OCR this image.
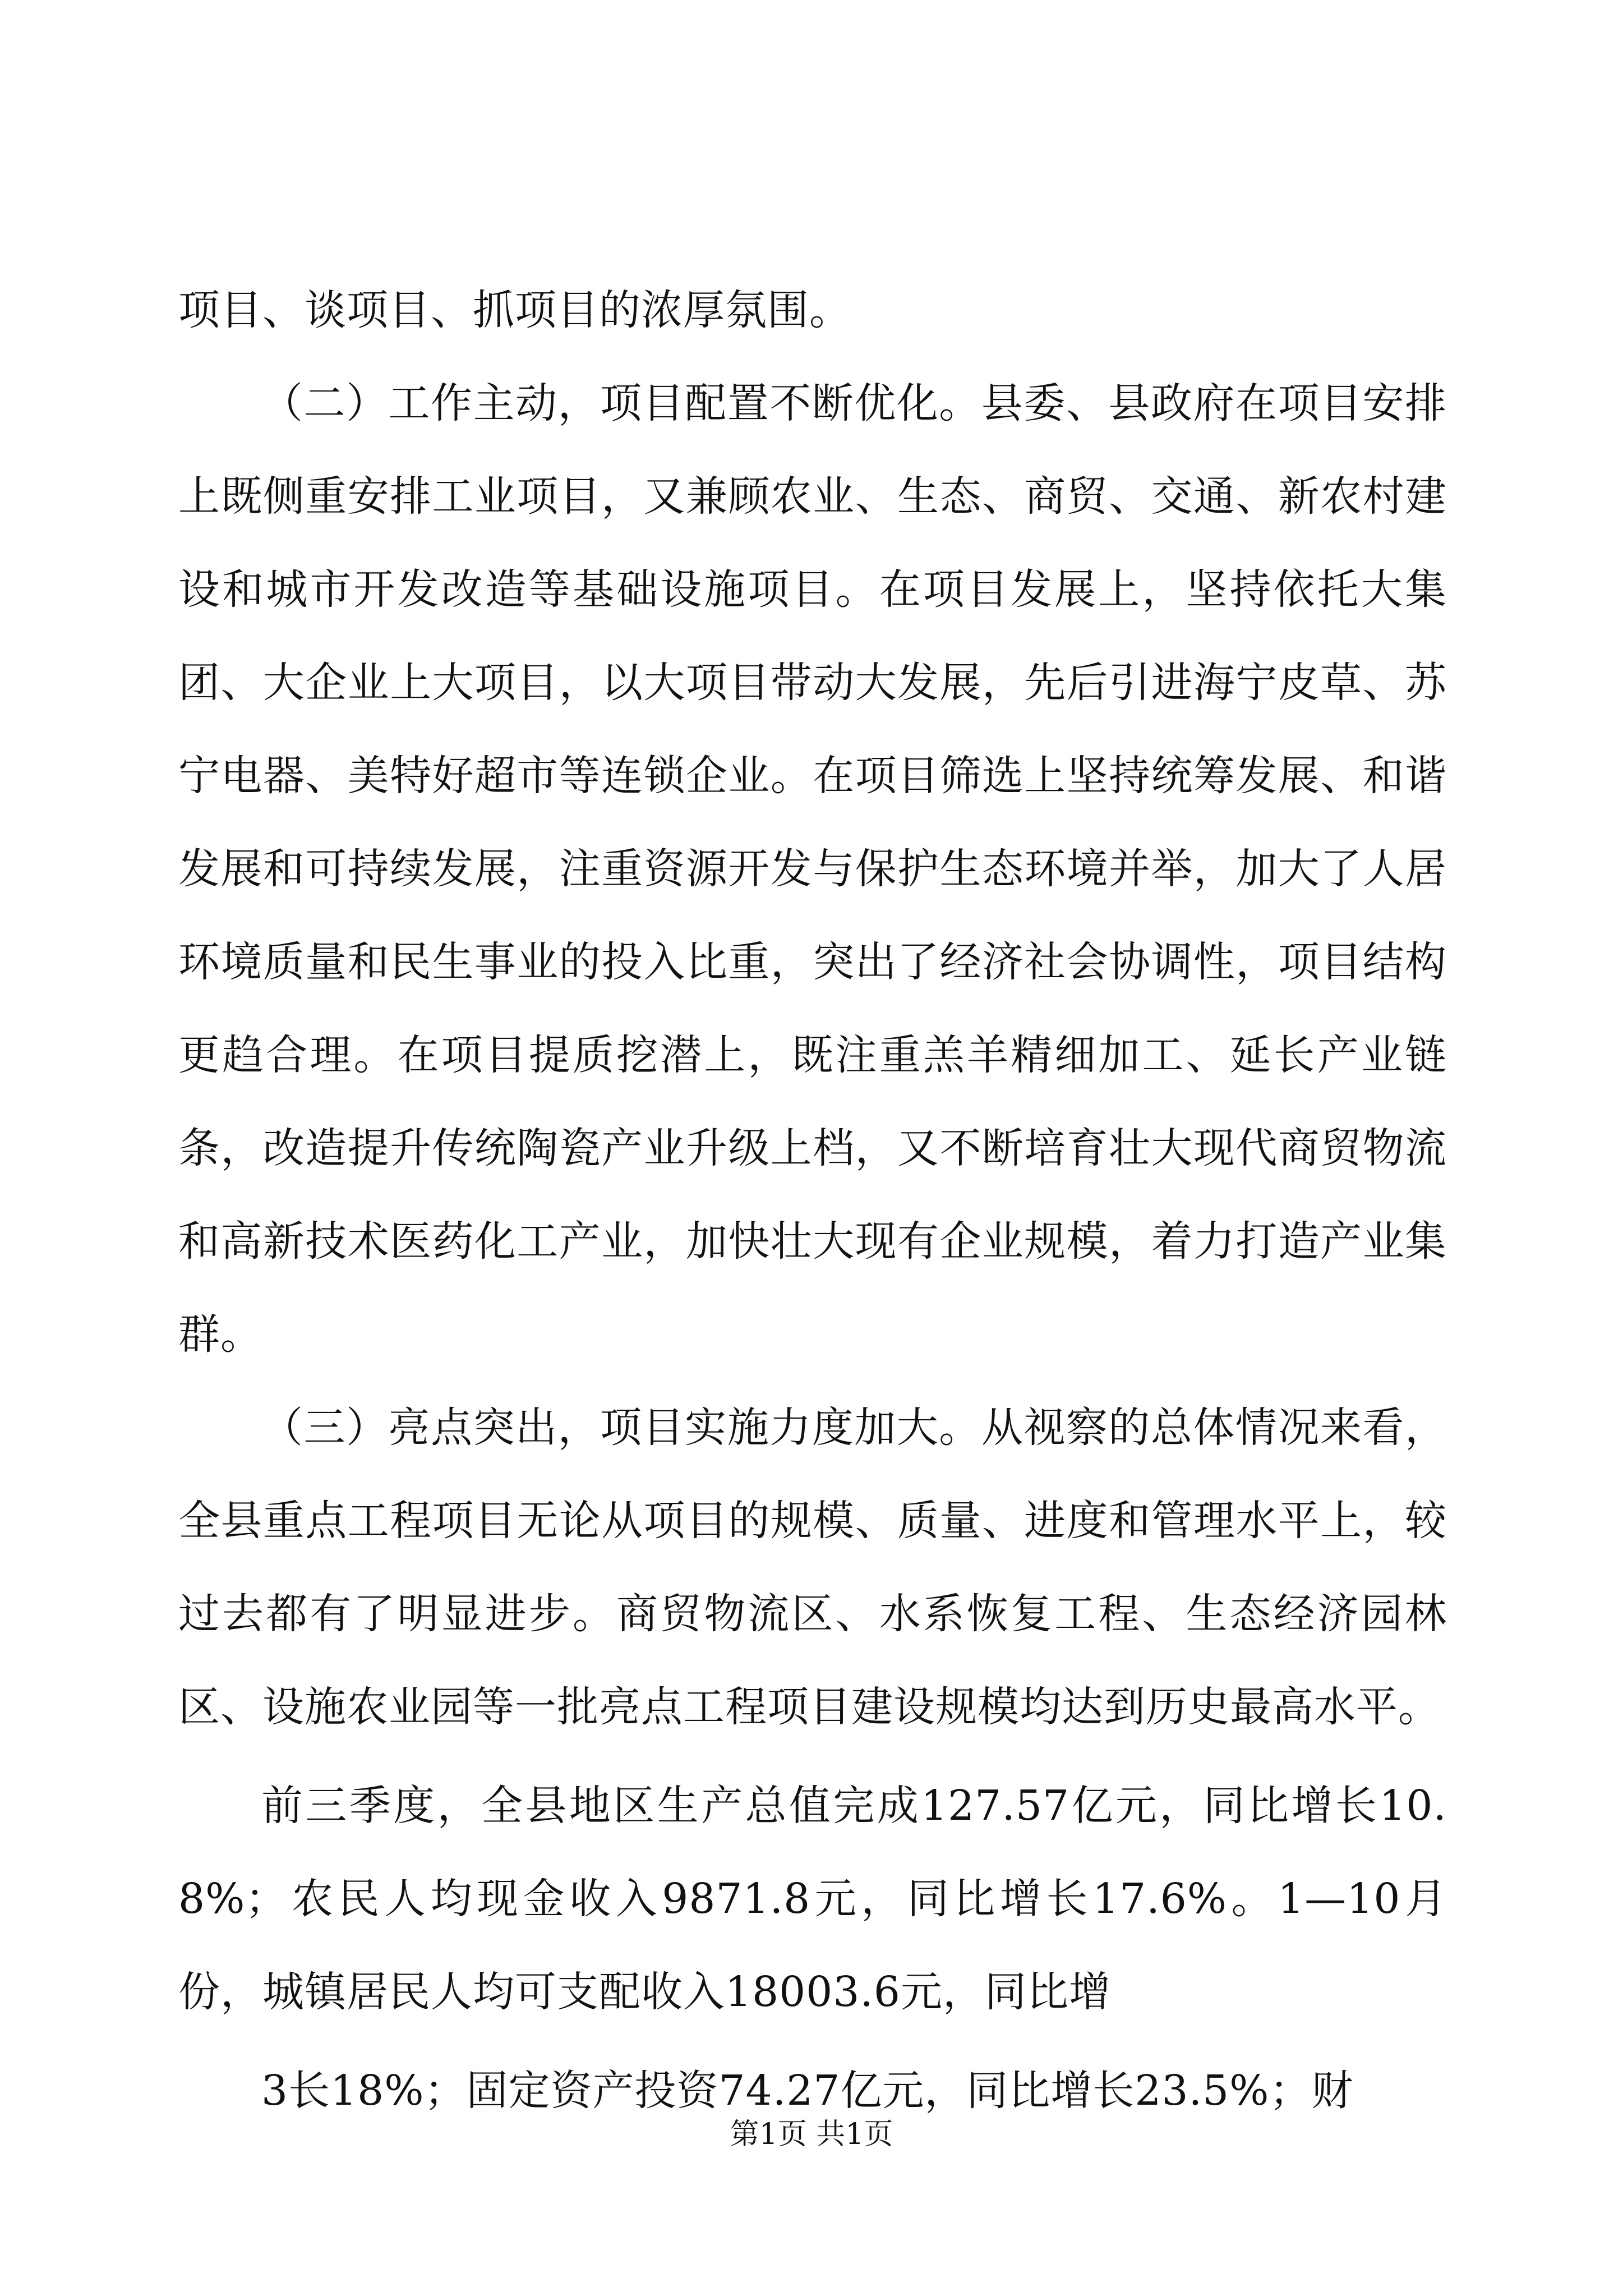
项目、谈项目、抓项目的浓厚氛围。

（二）工作主动，项目配置不断优化。县委、县政府在项目安排上既侧重安排工业项目，又兼顾农业、生态、商贸、交通、新农村建设和城市开发改造等基础设施项目。在项目发展上，坚持依托大集团、大企业上大项目，以大项目带动大发展，先后引进海宁皮草、苏宁电器、美特好超市等连锁企业。在项目筛选上坚持统筹发展、和谐发展和可持续发展，注重资源开发与保护生态环境并举，加大了人居环境质量和民生事业的投入比重，突出了经济社会协调性，项目结构更趋合理。在项目提质挖潜上，既注重羔羊精细加工、延长产业链条，改造提升传统陶瓷产业升级上档，又不断培育壮大现代商贸物流和高新技术医药化工产业，加快壮大现有企业规模，着力打造产业集群。

（三）亮点突出，项目实施力度加大。从视察的总体情况来看，全县重点工程项目无论从项目的规模、质量、进度和管理水平上，较过去都有了明显进步。商贸物流区、水系恢复工程、生态经济园林区、设施农业园等一批亮点工程项目建设规模均达到历史最高水平。

前三季度，全县地区生产总值完成127.57亿元，同比增长10.8%；农民人均现金收入9871.8元，同比增长17.6%。1—10月份，城镇居民人均可支配收入18003.6元，同比增

3长18%；固定资产投资74.27亿元，同比增长23.5%；财

第1页 共1页
